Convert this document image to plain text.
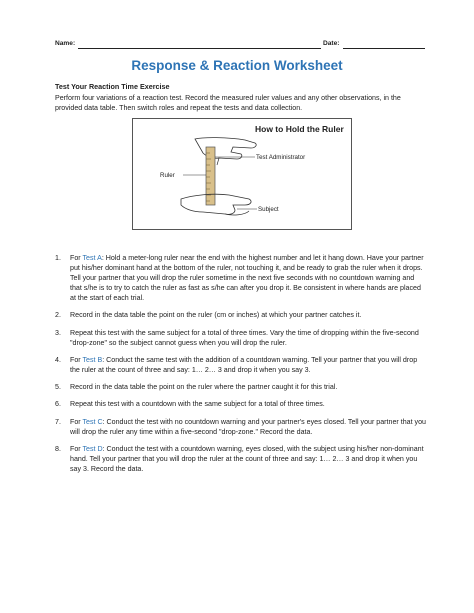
Name:	Date:
Response & Reaction Worksheet
Test Your Reaction Time Exercise
Perform four variations of a reaction test. Record the measured ruler values and any other observations, in the provided data table. Then switch roles and repeat the tests and data collection.
How to Hold the Ruler
Test Administrator
Ruler
Subject
1. For Test A: Hold a meter-long ruler near the end with the highest number and let it hang down. Have your partner put his/her dominant hand at the bottom of the ruler, not touching it, and be ready to grab the ruler when it drops. Tell your partner that you will drop the ruler sometime in the next five seconds with no countdown warning and that s/he is to try to catch the ruler as fast as s/he can after you drop it. Be consistent in where hands are placed at the start of each trial.
2. Record in the data table the point on the ruler (cm or inches) at which your partner catches it.
3. Repeat this test with the same subject for a total of three times. Vary the time of dropping within the five-second "drop-zone" so the subject cannot guess when you will drop the ruler.
4. For Test B: Conduct the same test with the addition of a countdown warning. Tell your partner that you will drop the ruler at the count of three and say: 1… 2… 3 and drop it when you say 3.
5. Record in the data table the point on the ruler where the partner caught it for this trial.
6. Repeat this test with a countdown with the same subject for a total of three times.
7. For Test C: Conduct the test with no countdown warning and your partner's eyes closed. Tell your partner that you will drop the ruler any time within a five-second "drop-zone." Record the data.
8. For Test D: Conduct the test with a countdown warning, eyes closed, with the subject using his/her non-dominant hand. Tell your partner that you will drop the ruler at the count of three and say: 1… 2… 3 and drop it when you say 3. Record the data.
